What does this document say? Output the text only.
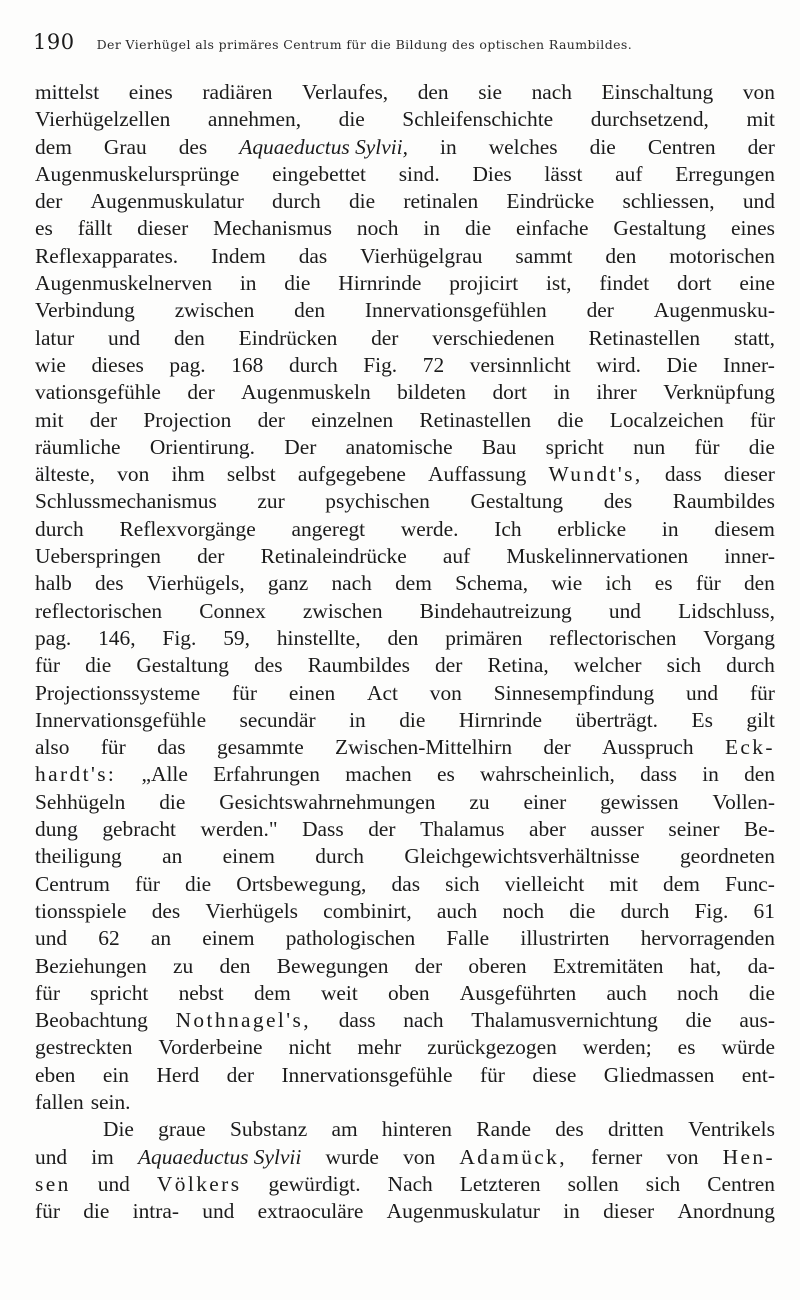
190 Der Vierhügel als primäres Centrum für die Bildung des optischen Raumbildes.
mittelst eines radiären Verlaufes, den sie nach Einschaltung von
Vierhügelzellen annehmen, die Schleifenschichte durchsetzend, mit
dem Grau des Aquaeductus Sylvii, in welches die Centren der
Augenmuskelursprünge eingebettet sind. Dies lässt auf Erregungen
der Augenmuskulatur durch die retinalen Eindrücke schliessen, und
es fällt dieser Mechanismus noch in die einfache Gestaltung eines
Reflexapparates. Indem das Vierhügelgrau sammt den motorischen
Augenmuskelnerven in die Hirnrinde projicirt ist, findet dort eine
Verbindung zwischen den Innervationsgefühlen der Augenmusku-
latur und den Eindrücken der verschiedenen Retinastellen statt,
wie dieses pag. 168 durch Fig. 72 versinnlicht wird. Die Inner-
vationsgefühle der Augenmuskeln bildeten dort in ihrer Verknüpfung
mit der Projection der einzelnen Retinastellen die Localzeichen für
räumliche Orientirung. Der anatomische Bau spricht nun für die
älteste, von ihm selbst aufgegebene Auffassung Wundt's, dass dieser
Schlussmechanismus zur psychischen Gestaltung des Raumbildes
durch Reflexvorgänge angeregt werde. Ich erblicke in diesem
Ueberspringen der Retinaleindrücke auf Muskelinnervationen inner-
halb des Vierhügels, ganz nach dem Schema, wie ich es für den
reflectorischen Connex zwischen Bindehautreizung und Lidschluss,
pag. 146, Fig. 59, hinstellte, den primären reflectorischen Vorgang
für die Gestaltung des Raumbildes der Retina, welcher sich durch
Projectionssysteme für einen Act von Sinnesempfindung und für
Innervationsgefühle secundär in die Hirnrinde überträgt. Es gilt
also für das gesammte Zwischen-Mittelhirn der Ausspruch Eck-
hardt's: „Alle Erfahrungen machen es wahrscheinlich, dass in den
Sehhügeln die Gesichtswahrnehmungen zu einer gewissen Vollen-
dung gebracht werden." Dass der Thalamus aber ausser seiner Be-
theiligung an einem durch Gleichgewichtsverhältnisse geordneten
Centrum für die Ortsbewegung, das sich vielleicht mit dem Func-
tionsspiele des Vierhügels combinirt, auch noch die durch Fig. 61
und 62 an einem pathologischen Falle illustrirten hervorragenden
Beziehungen zu den Bewegungen der oberen Extremitäten hat, da-
für spricht nebst dem weit oben Ausgeführten auch noch die
Beobachtung Nothnagel's, dass nach Thalamusvernichtung die aus-
gestreckten Vorderbeine nicht mehr zurückgezogen werden; es würde
eben ein Herd der Innervationsgefühle für diese Gliedmassen ent-
fallen sein.
Die graue Substanz am hinteren Rande des dritten Ventrikels
und im Aquaeductus Sylvii wurde von Adamück, ferner von Hen-
sen und Völkers gewürdigt. Nach Letzteren sollen sich Centren
für die intra- und extraoculäre Augenmuskulatur in dieser Anordnung
